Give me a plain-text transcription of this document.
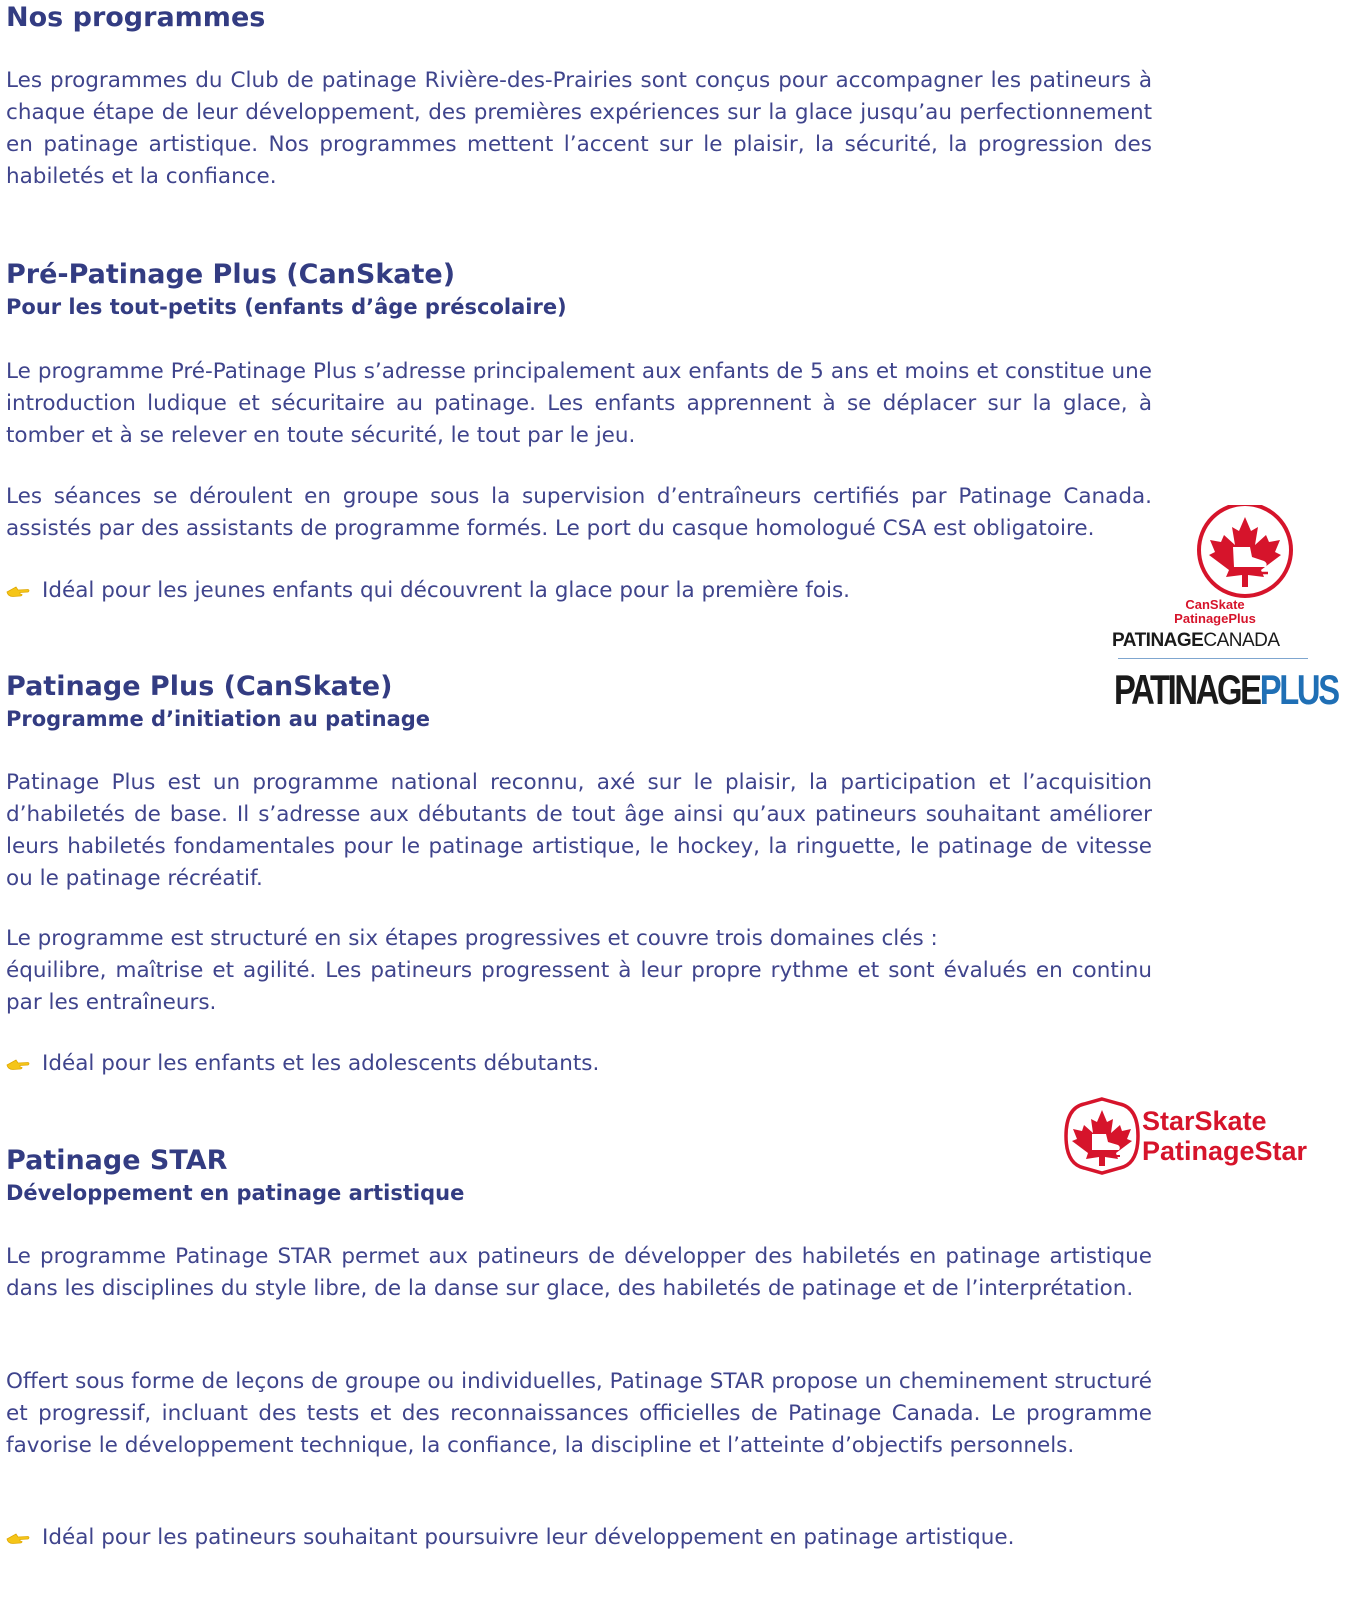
Nos programmes

Les programmes du Club de patinage Rivière-des-Prairies sont conçus pour accompagner les patineurs à chaque étape de leur développement, des premières expériences sur la glace jusqu’au perfectionnement en patinage artistique. Nos programmes mettent l’accent sur le plaisir, la sécurité, la progression des habiletés et la confiance.

Pré-Patinage Plus (CanSkate)
Pour les tout-petits (enfants d’âge préscolaire)

Le programme Pré-Patinage Plus s’adresse principalement aux enfants de 5 ans et moins et constitue une introduction ludique et sécuritaire au patinage. Les enfants apprennent à se déplacer sur la glace, à tomber et à se relever en toute sécurité, le tout par le jeu.

Les séances se déroulent en groupe sous la supervision d’entraîneurs certifiés par Patinage Canada. assistés par des assistants de programme formés. Le port du casque homologué CSA est obligatoire.

Idéal pour les jeunes enfants qui découvrent la glace pour la première fois.
Patinage Plus (CanSkate)
Programme d’initiation au patinage

Patinage Plus est un programme national reconnu, axé sur le plaisir, la participation et l’acquisition d’habiletés de base. Il s’adresse aux débutants de tout âge ainsi qu’aux patineurs souhaitant améliorer leurs habiletés fondamentales pour le patinage artistique, le hockey, la ringuette, le patinage de vitesse ou le patinage récréatif.

Le programme est structuré en six étapes progressives et couvre trois domaines clés :

équilibre, maîtrise et agilité. Les patineurs progressent à leur propre rythme et sont évalués en continu par les entraîneurs.

Idéal pour les enfants et les adolescents débutants.
Patinage STAR
Développement en patinage artistique

Le programme Patinage STAR permet aux patineurs de développer des habiletés en patinage artistique dans les disciplines du style libre, de la danse sur glace, des habiletés de patinage et de l’interprétation.

Offert sous forme de leçons de groupe ou individuelles, Patinage STAR propose un cheminement structuré et progressif, incluant des tests et des reconnaissances officielles de Patinage Canada. Le programme favorise le développement technique, la confiance, la discipline et l’atteinte d’objectifs personnels.

Idéal pour les patineurs souhaitant poursuivre leur développement en patinage artistique.
CanSkate
PatinagePlus
PATINAGECANADA
PATINAGEPLUS
StarSkate
PatinageStar
